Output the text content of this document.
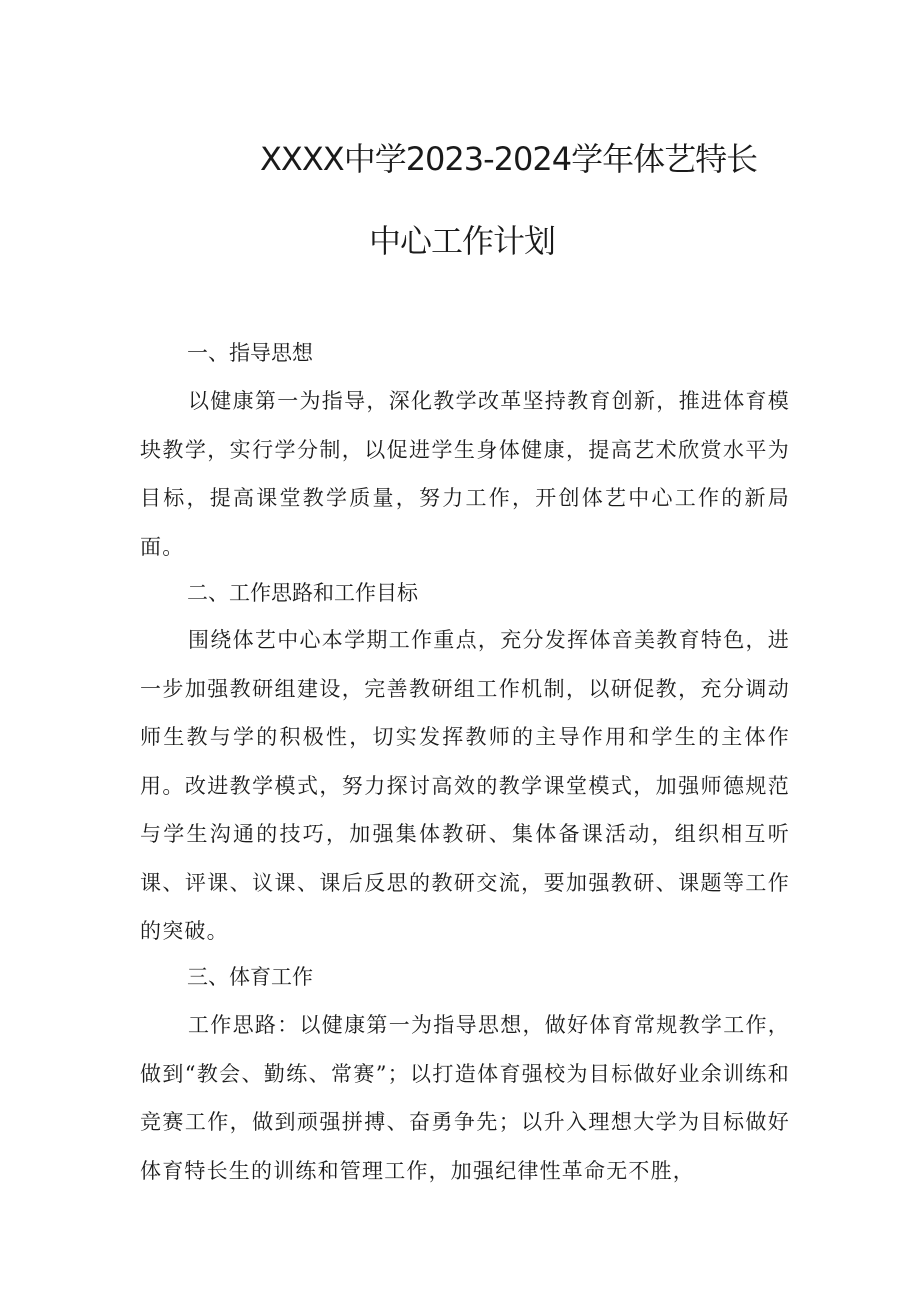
XXXX中学2023-2024学年体艺特长
中心工作计划
一、指导思想

以健康第一为指导，深化教学改革坚持教育创新，推进体育模块教学，实行学分制，以促进学生身体健康，提高艺术欣赏水平为目标，提高课堂教学质量，努力工作，开创体艺中心工作的新局面。

二、工作思路和工作目标

围绕体艺中心本学期工作重点，充分发挥体音美教育特色，进一步加强教研组建设，完善教研组工作机制，以研促教，充分调动师生教与学的积极性，切实发挥教师的主导作用和学生的主体作用。改进教学模式，努力探讨高效的教学课堂模式，加强师德规范与学生沟通的技巧，加强集体教研、集体备课活动，组织相互听课、评课、议课、课后反思的教研交流，要加强教研、课题等工作的突破。

三、体育工作

工作思路：以健康第一为指导思想，做好体育常规教学工作，做到“教会、勤练、常赛”；以打造体育强校为目标做好业余训练和竞赛工作，做到顽强拼搏、奋勇争先；以升入理想大学为目标做好体育特长生的训练和管理工作，加强纪律性革命无不胜，
